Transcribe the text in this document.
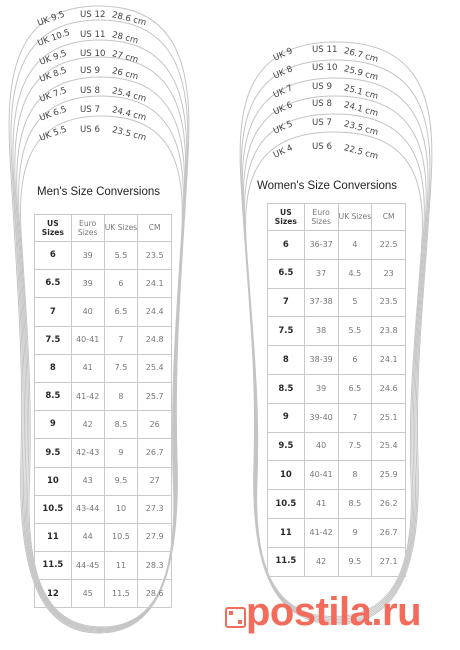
UK 9.5 US 12 28.6 cm
UK 10.5 US 11 28 cm
UK 9.5 US 10 27 cm
UK 8.5 US 9 26 cm
UK 7.5 US 8 25.4 cm
UK 6.5 US 7 24.4 cm
UK 5.5 US 6 23.5 cm
UK 9 US 11 26.7 cm
UK 8 US 10 25.9 cm
UK 7 US 9 25.1 cm
UK 6 US 8 24.1 cm
UK 5 US 7 23.5 cm
UK 4 US 6 22.5 cm
Men's Size Conversions
US Sizes	Euro Sizes	UK Sizes	CM
6	39	5.5	23.5
6.5	39	6	24.1
7	40	6.5	24.4
7.5	40-41	7	24.8
8	41	7.5	25.4
8.5	41-42	8	25.7
9	42	8.5	26
9.5	42-43	9	26.7
10	43	9.5	27
10.5	43-44	10	27.3
11	44	10.5	27.9
11.5	44-45	11	28.3
12	45	11.5	28.6
Women's Size Conversions
US Sizes	Euro Sizes	UK Sizes	CM
6	36-37	4	22.5
6.5	37	4.5	23
7	37-38	5	23.5
7.5	38	5.5	23.8
8	38-39	6	24.1
8.5	39	6.5	24.6
9	39-40	7	25.1
9.5	40	7.5	25.4
10	40-41	8	25.9
10.5	41	8.5	26.2
11	41-42	9	26.7
11.5	42	9.5	27.1
postila.ru
